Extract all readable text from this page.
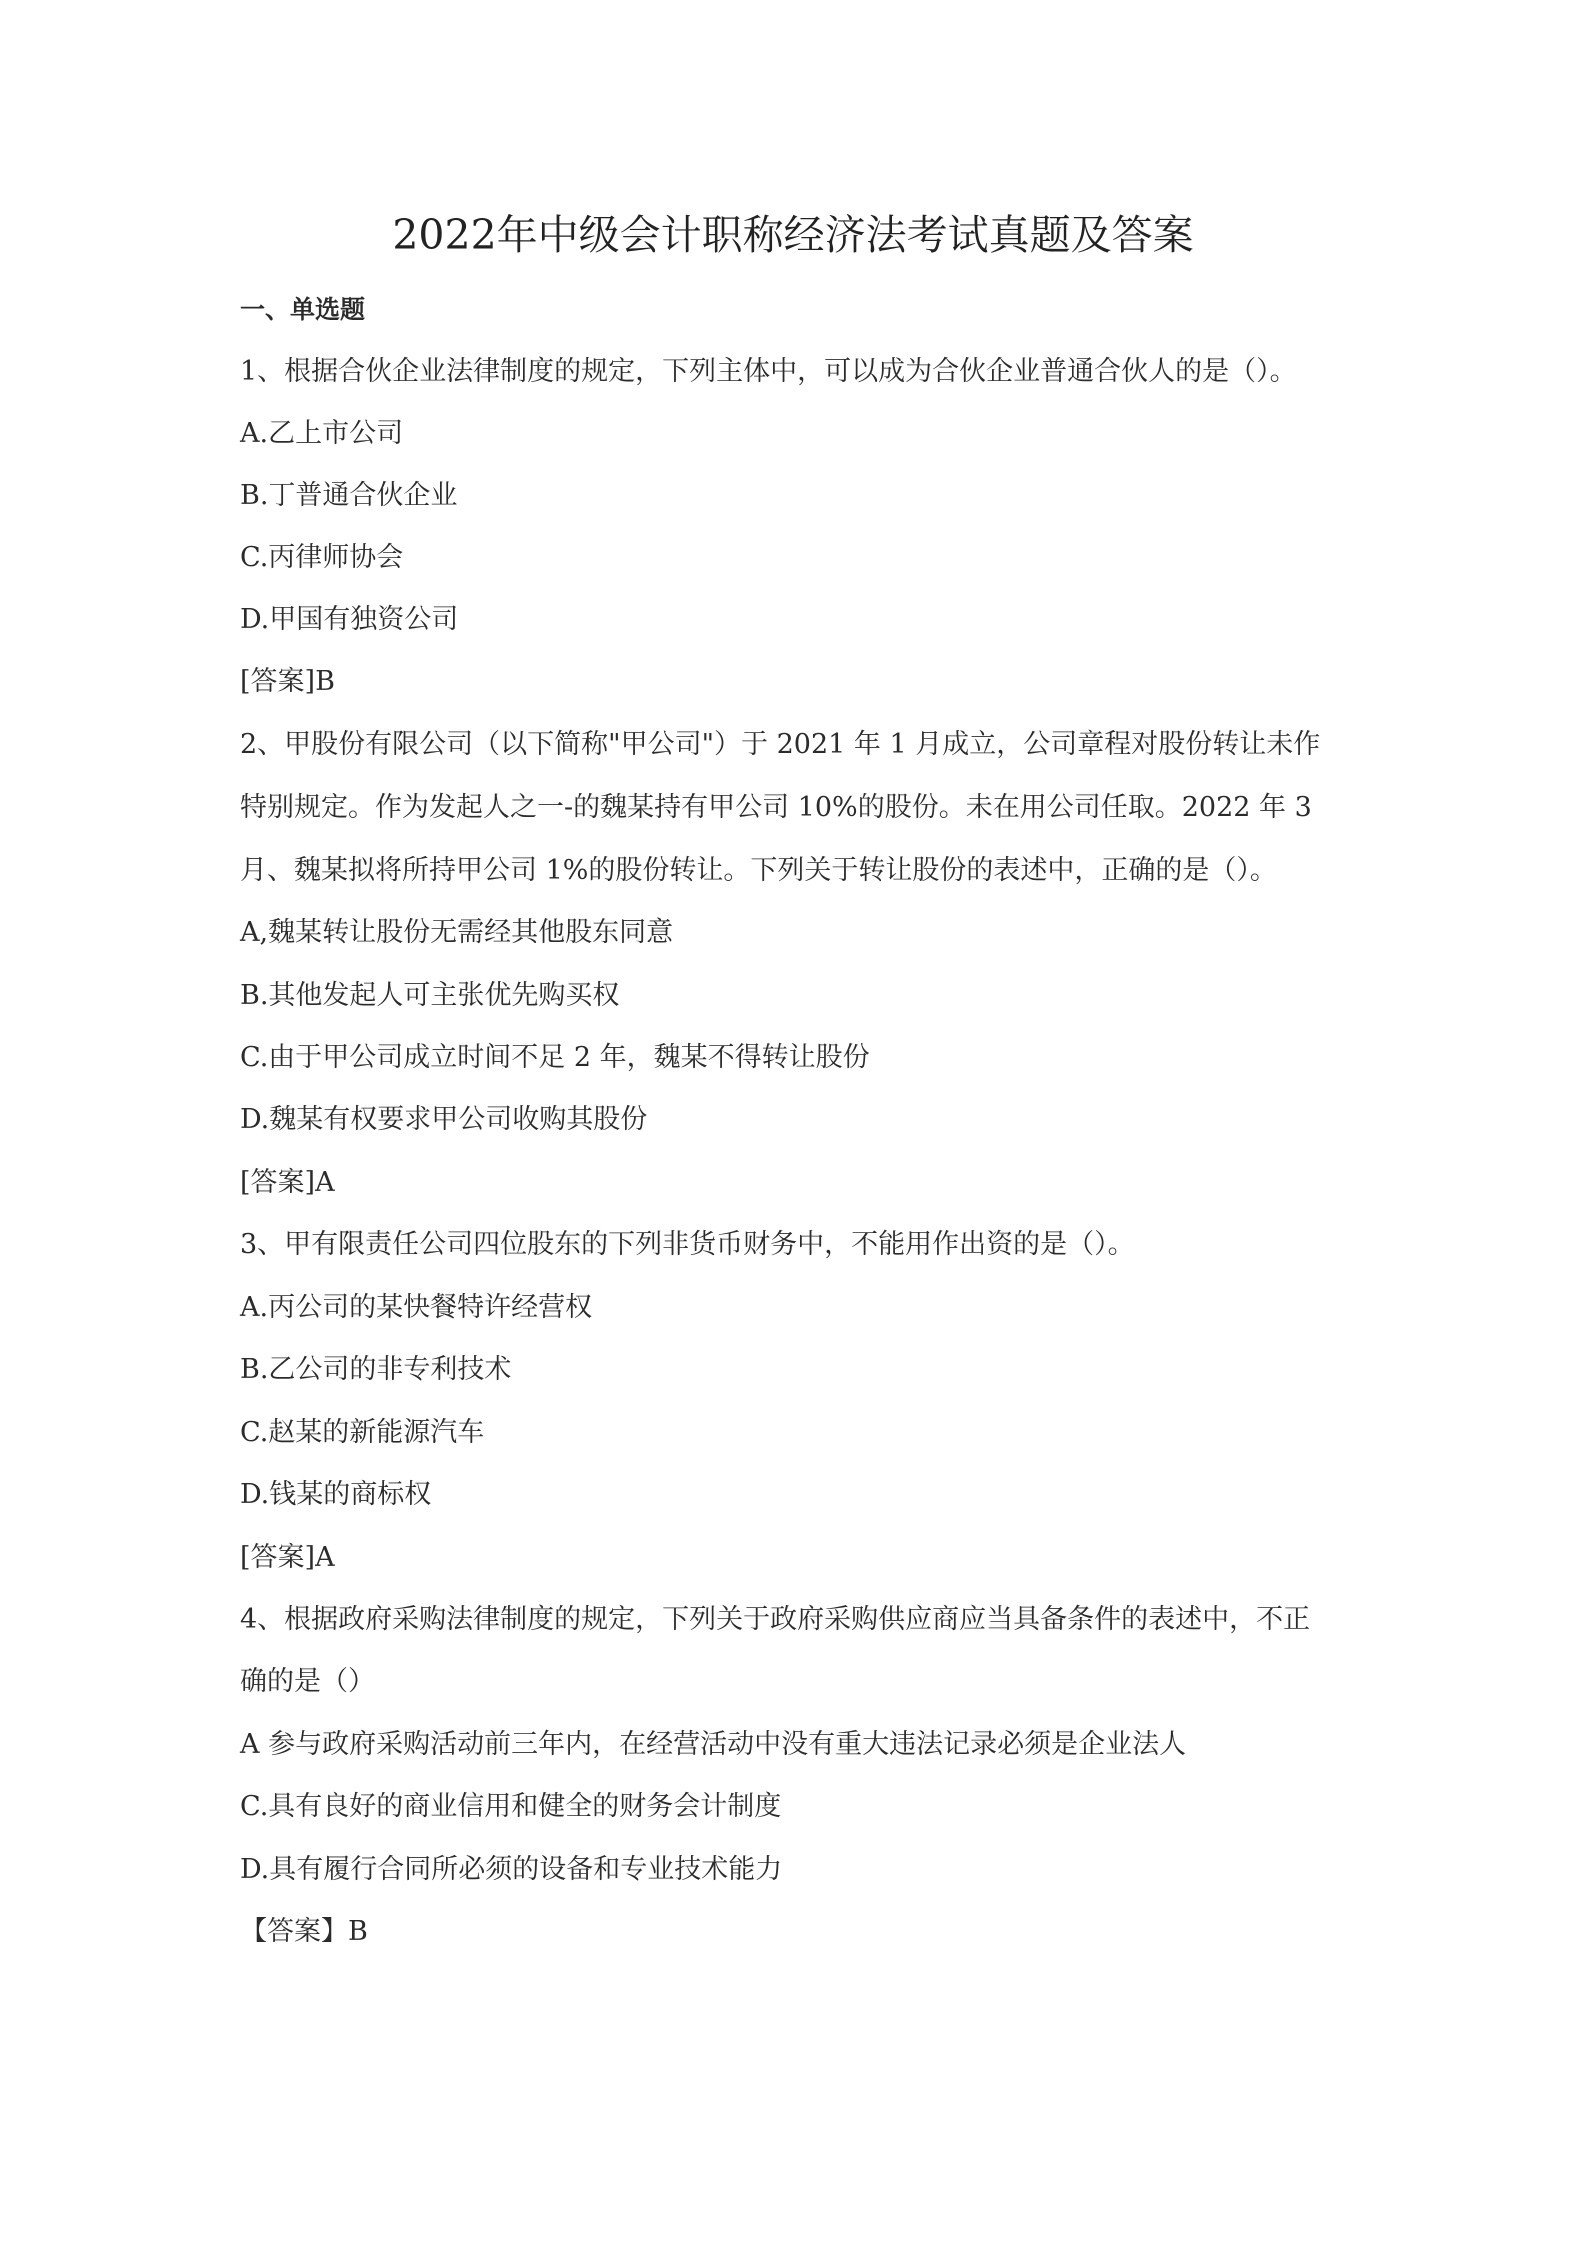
2022年中级会计职称经济法考试真题及答案
一、单选题
1、根据合伙企业法律制度的规定，下列主体中，可以成为合伙企业普通合伙人的是（）。
A.乙上市公司
B.丁普通合伙企业
C.丙律师协会
D.甲国有独资公司
[答案]B
2、甲股份有限公司（以下简称"甲公司"）于 2021 年 1 月成立，公司章程对股份转让未作
特别规定。作为发起人之一-的魏某持有甲公司 10%的股份。未在用公司任取。2022 年 3
月、魏某拟将所持甲公司 1%的股份转让。下列关于转让股份的表述中，正确的是（）。
A,魏某转让股份无需经其他股东同意
B.其他发起人可主张优先购买权
C.由于甲公司成立时间不足 2 年，魏某不得转让股份
D.魏某有权要求甲公司收购其股份
[答案]A
3、甲有限责任公司四位股东的下列非货币财务中，不能用作出资的是（）。
A.丙公司的某快餐特许经营权
B.乙公司的非专利技术
C.赵某的新能源汽车
D.钱某的商标权
[答案]A
4、根据政府采购法律制度的规定，下列关于政府采购供应商应当具备条件的表述中，不正
确的是（）
A 参与政府采购活动前三年内，在经营活动中没有重大违法记录必须是企业法人
C.具有良好的商业信用和健全的财务会计制度
D.具有履行合同所必须的设备和专业技术能力
【答案】B
